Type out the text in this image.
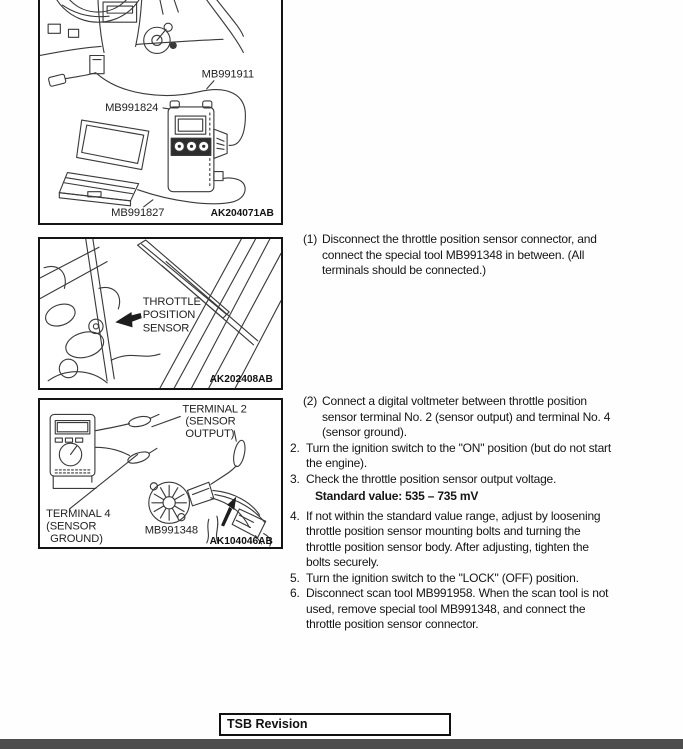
MB991911
MB991824
MB991827	AK204071AB
THROTTLE
POSITION
SENSOR
AK202408AB
TERMINAL 2
(SENSOR
OUTPUT)
TERMINAL 4
(SENSOR
GROUND)
MB991348
AK104046AB
(1) Disconnect the throttle position sensor connector, and
connect the special tool MB991348 in between. (All
terminals should be connected.)
(2) Connect a digital voltmeter between throttle position
sensor terminal No. 2 (sensor output) and terminal No. 4
(sensor ground).
2. Turn the ignition switch to the "ON" position (but do not start
the engine).
3. Check the throttle position sensor output voltage.
Standard value: 535 – 735 mV
4. If not within the standard value range, adjust by loosening
throttle position sensor mounting bolts and turning the
throttle position sensor body. After adjusting, tighten the
bolts securely.
5. Turn the ignition switch to the "LOCK" (OFF) position.
6. Disconnect scan tool MB991958. When the scan tool is not
used, remove special tool MB991348, and connect the
throttle position sensor connector.
TSB Revision
